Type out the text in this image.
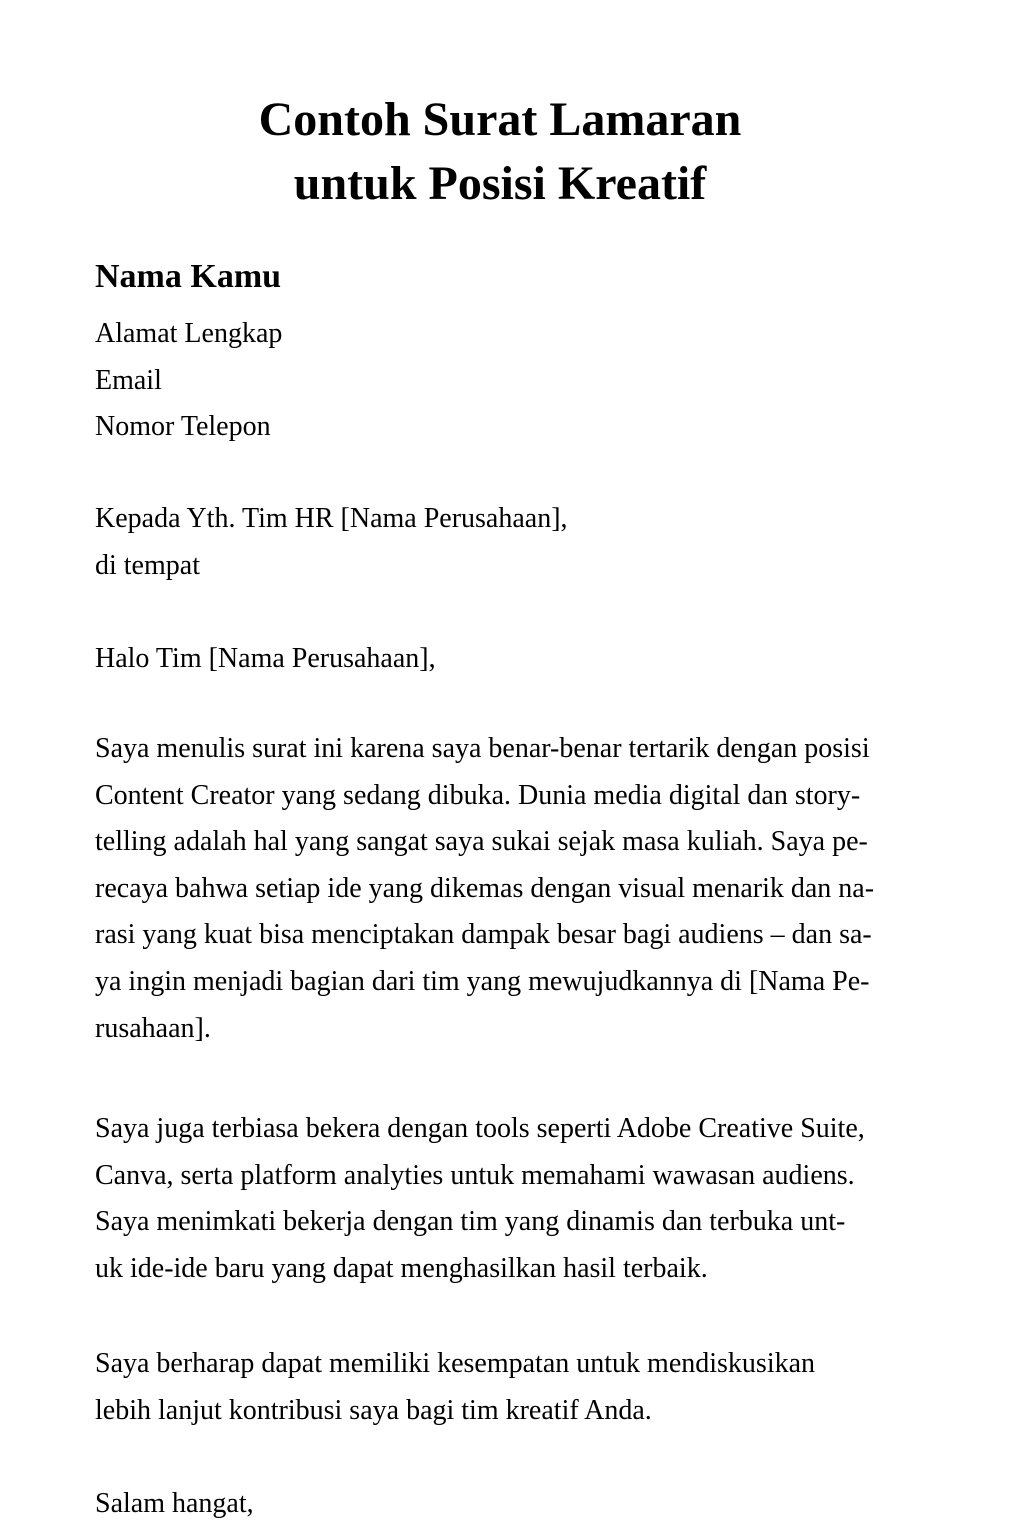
Contoh Surat Lamaran
untuk Posisi Kreatif
Nama Kamu
Alamat Lengkap
Email
Nomor Telepon
Kepada Yth. Tim HR [Nama Perusahaan],
di tempat
Halo Tim [Nama Perusahaan],
Saya menulis surat ini karena saya benar-benar tertarik dengan posisi
Content Creator yang sedang dibuka. Dunia media digital dan story-
telling adalah hal yang sangat saya sukai sejak masa kuliah. Saya pe-
recaya bahwa setiap ide yang dikemas dengan visual menarik dan na-
rasi yang kuat bisa menciptakan dampak besar bagi audiens – dan sa-
ya ingin menjadi bagian dari tim yang mewujudkannya di [Nama Pe-
rusahaan].
Saya juga terbiasa bekera dengan tools seperti Adobe Creative Suite,
Canva, serta platform analyties untuk memahami wawasan audiens.
Saya menimkati bekerja dengan tim yang dinamis dan terbuka unt-
uk ide-ide baru yang dapat menghasilkan hasil terbaik.
Saya berharap dapat memiliki kesempatan untuk mendiskusikan
lebih lanjut kontribusi saya bagi tim kreatif Anda.
Salam hangat,
